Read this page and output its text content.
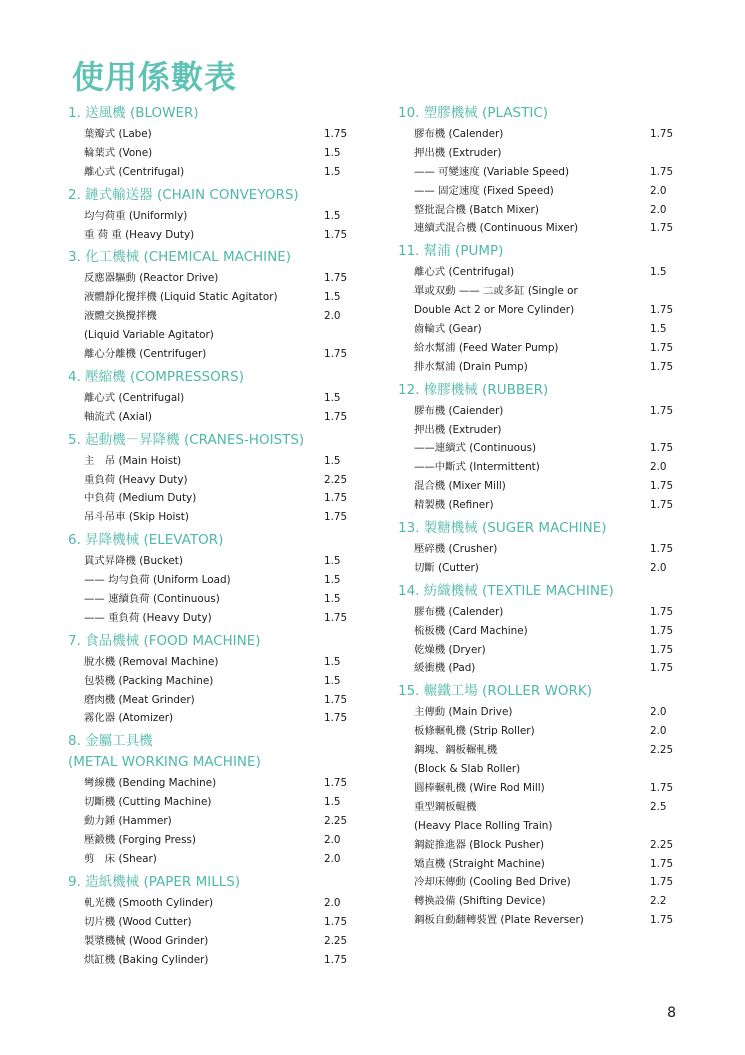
使用係數表
1. 送風機 (BLOWER)
葉瓣式 (Labe)	1.75
輪葉式 (Vone)	1.5
離心式 (Centrifugal)	1.5
2. 鏈式輸送器 (CHAIN CONVEYORS)
均勻荷重 (Uniformly)	1.5
重 荷 重 (Heavy Duty)	1.75
3. 化工機械 (CHEMICAL MACHINE)
反應器驅動 (Reactor Drive)	1.75
液體靜化攪拌機 (Liquid Static Agitator)	1.5
液體交換攪拌機	2.0
(Liquid Variable Agitator)
離心分離機 (Centrifuger)	1.75
4. 壓縮機 (COMPRESSORS)
離心式 (Centrifugal)	1.5
軸流式 (Axial)	1.75
5. 起動機－昇降機 (CRANES-HOISTS)
主　吊 (Main Hoist)	1.5
重負荷 (Heavy Duty)	2.25
中負荷 (Medium Duty)	1.75
吊斗吊車 (Skip Hoist)	1.75
6. 昇降機械 (ELEVATOR)
貫式昇降機 (Bucket)	1.5
—— 均勻負荷 (Uniform Load)	1.5
—— 連續負荷 (Continuous)	1.5
—— 重負荷 (Heavy Duty)	1.75
7. 食品機械 (FOOD MACHINE)
脫水機 (Removal Machine)	1.5
包裝機 (Packing Machine)	1.5
磨肉機 (Meat Grinder)	1.75
霧化器 (Atomizer)	1.75
8. 金屬工具機
(METAL WORKING MACHINE)
彎線機 (Bending Machine)	1.75
切斷機 (Cutting Machine)	1.5
動力錘 (Hammer)	2.25
壓鍛機 (Forging Press)	2.0
剪　床 (Shear)	2.0
9. 造紙機械 (PAPER MILLS)
軋光機 (Smooth Cylinder)	2.0
切片機 (Wood Cutter)	1.75
製漿機械 (Wood Grinder)	2.25
烘缸機 (Baking Cylinder)	1.75
10. 塑膠機械 (PLASTIC)
膠布機 (Calender)	1.75
押出機 (Extruder)
—— 可變速度 (Variable Speed)	1.75
—— 固定速度 (Fixed Speed)	2.0
整批混合機 (Batch Mixer)	2.0
連續式混合機 (Continuous Mixer)	1.75
11. 幫浦 (PUMP)
離心式 (Centrifugal)	1.5
單或双動 —— 二或多缸 (Single or
Double Act 2 or More Cylinder)	1.75
齒輪式 (Gear)	1.5
給水幫浦 (Feed Water Pump)	1.75
排水幫浦 (Drain Pump)	1.75
12. 橡膠機械 (RUBBER)
膠布機 (Caiender)	1.75
押出機 (Extruder)
——連續式 (Continuous)	1.75
——中斷式 (Intermittent)	2.0
混合機 (Mixer Mill)	1.75
精製機 (Refiner)	1.75
13. 製糖機械 (SUGER MACHINE)
壓碎機 (Crusher)	1.75
切斷 (Cutter)	2.0
14. 紡織機械 (TEXTILE MACHINE)
膠布機 (Calender)	1.75
梳板機 (Card Machine)	1.75
乾燥機 (Dryer)	1.75
緩衝機 (Pad)	1.75
15. 輾鐵工場 (ROLLER WORK)
主傳動 (Main Drive)	2.0
板條輾軋機 (Strip Roller)	2.0
鋼塊、鋼板輾軋機	2.25
(Block & Slab Roller)
圓棒輾軋機 (Wire Rod Mill)	1.75
重型鋼板輥機	2.5
(Heavy Place Rolling Train)
鋼錠推進器 (Block Pusher)	2.25
矯直機 (Straight Machine)	1.75
冷却床傳動 (Cooling Bed Drive)	1.75
轉換設備 (Shifting Device)	2.2
鋼板自動翻轉裝置 (Plate Reverser)	1.75
8
